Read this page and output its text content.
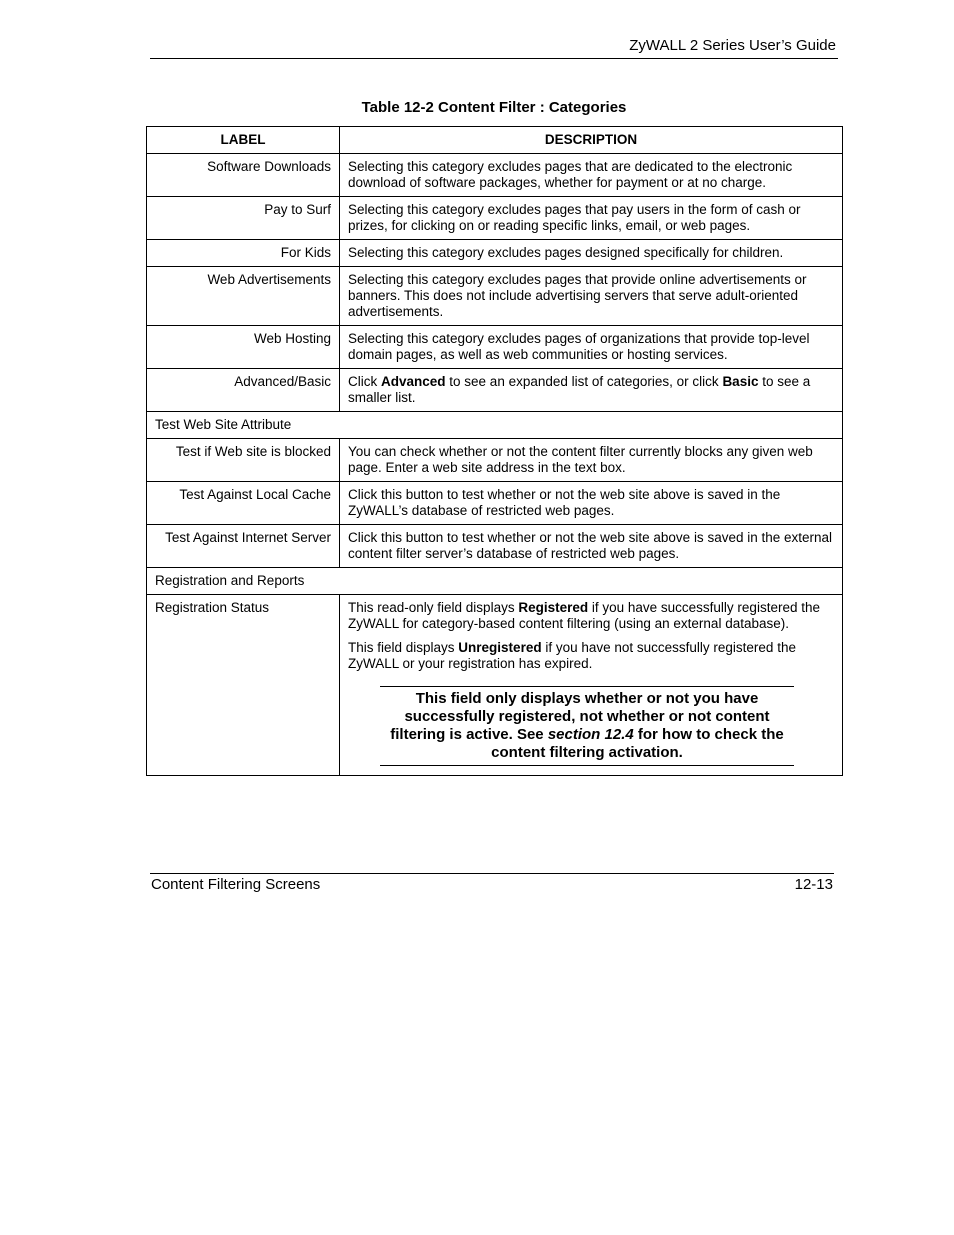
ZyWALL 2 Series User’s Guide
Table 12-2 Content Filter : Categories
LABEL	DESCRIPTION
Software Downloads	Selecting this category excludes pages that are dedicated to the electronic download of software packages, whether for payment or at no charge.
Pay to Surf	Selecting this category excludes pages that pay users in the form of cash or prizes, for clicking on or reading specific links, email, or web pages.
For Kids	Selecting this category excludes pages designed specifically for children.
Web Advertisements	Selecting this category excludes pages that provide online advertisements or banners. This does not include advertising servers that serve adult-oriented advertisements.
Web Hosting	Selecting this category excludes pages of organizations that provide top-level domain pages, as well as web communities or hosting services.
Advanced/Basic	Click Advanced to see an expanded list of categories, or click Basic to see a smaller list.
Test Web Site Attribute	
Test if Web site is blocked	You can check whether or not the content filter currently blocks any given web page. Enter a web site address in the text box.
Test Against Local Cache	Click this button to test whether or not the web site above is saved in the ZyWALL’s database of restricted web pages.
Test Against Internet Server	Click this button to test whether or not the web site above is saved in the external content filter server’s database of restricted web pages.
Registration and Reports	
Registration Status	This read-only field displays Registered if you have successfully registered the ZyWALL for category-based content filtering (using an external database).

This field displays Unregistered if you have not successfully registered the ZyWALL or your registration has expired.

This field only displays whether or not you have successfully registered, not whether or not content filtering is active. See section 12.4 for how to check the content filtering activation.
Content Filtering Screens	12-13
